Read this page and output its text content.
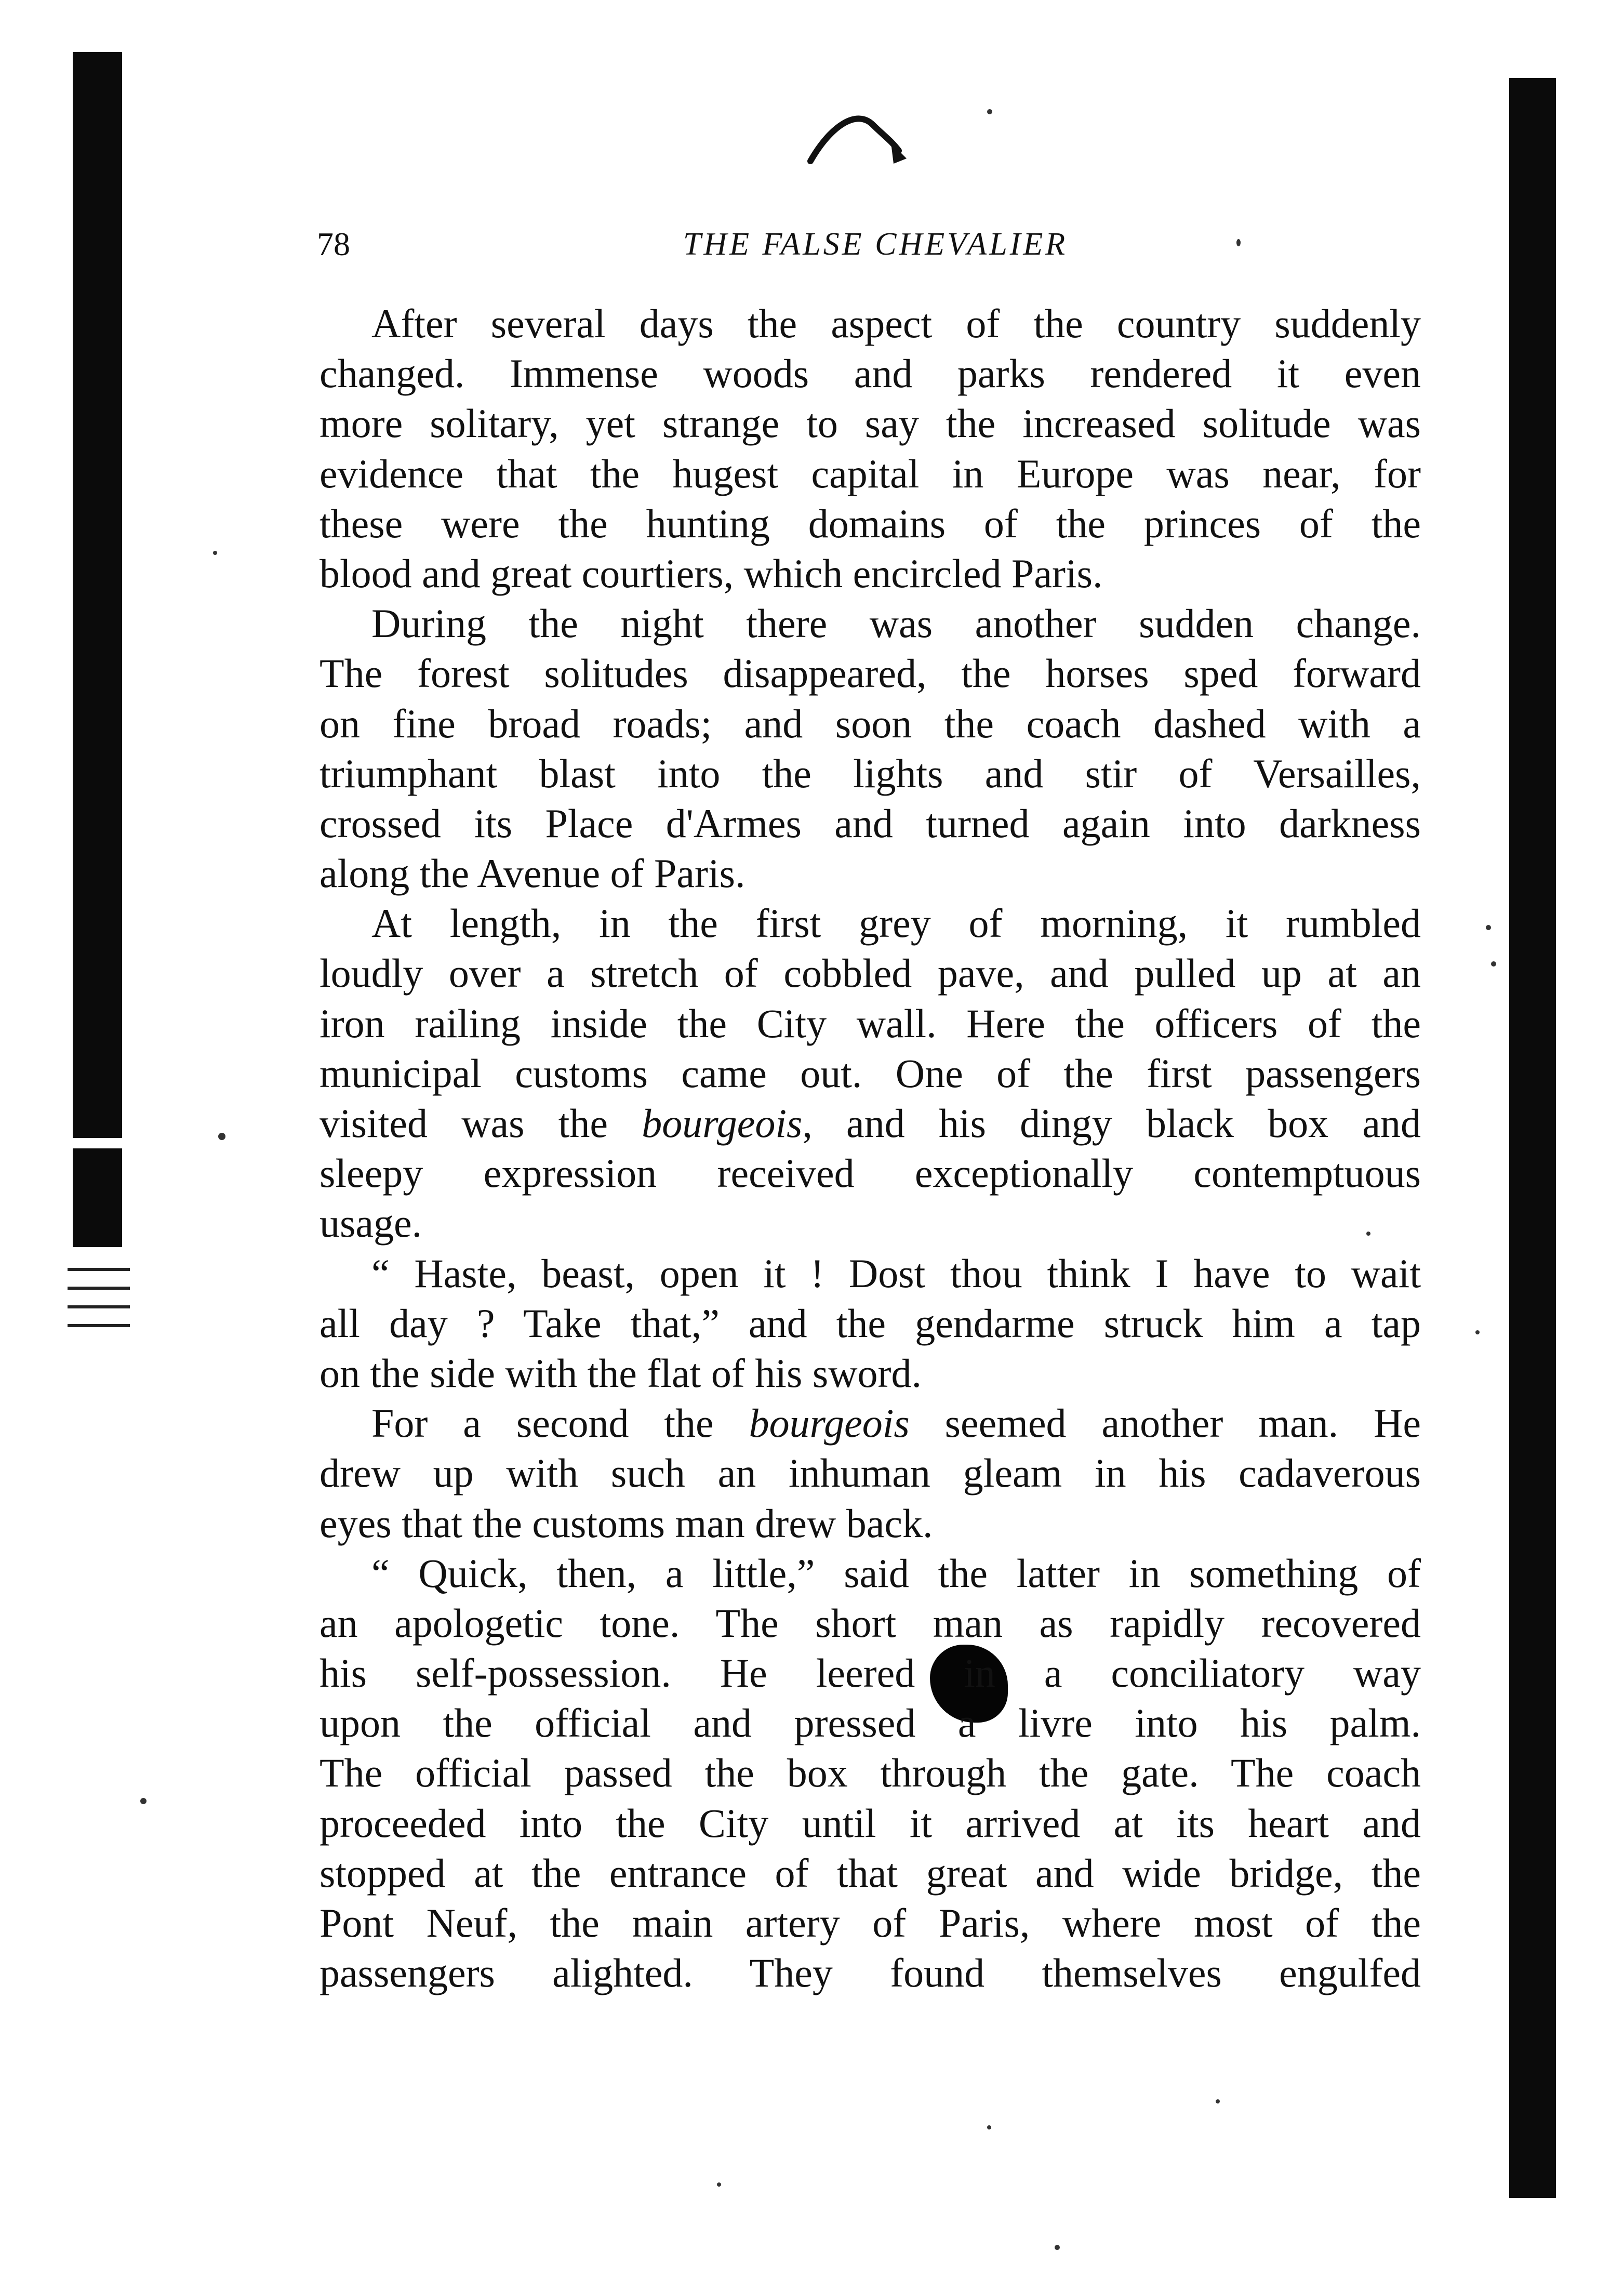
78	THE FALSE CHEVALIER
After several days the aspect of the country suddenly
changed. Immense woods and parks rendered it even
more solitary, yet strange to say the increased solitude was
evidence that the hugest capital in Europe was near, for
these were the hunting domains of the princes of the
blood and great courtiers, which encircled Paris.
During the night there was another sudden change.
The forest solitudes disappeared, the horses sped forward
on fine broad roads; and soon the coach dashed with a
triumphant blast into the lights and stir of Versailles,
crossed its Place d'Armes and turned again into darkness
along the Avenue of Paris.
At length, in the first grey of morning, it rumbled
loudly over a stretch of cobbled pave, and pulled up at an
iron railing inside the City wall. Here the officers of the
municipal customs came out. One of the first passengers
visited was the bourgeois, and his dingy black box and
sleepy expression received exceptionally contemptuous
usage.
“ Haste, beast, open it ! Dost thou think I have to wait
all day ? Take that,” and the gendarme struck him a tap
on the side with the flat of his sword.
For a second the bourgeois seemed another man. He
drew up with such an inhuman gleam in his cadaverous
eyes that the customs man drew back.
“ Quick, then, a little,” said the latter in something of
an apologetic tone. The short man as rapidly recovered
his self-possession. He leered in a conciliatory way
upon the official and pressed a livre into his palm.
The official passed the box through the gate. The coach
proceeded into the City until it arrived at its heart and
stopped at the entrance of that great and wide bridge, the
Pont Neuf, the main artery of Paris, where most of the
passengers alighted. They found themselves engulfed
